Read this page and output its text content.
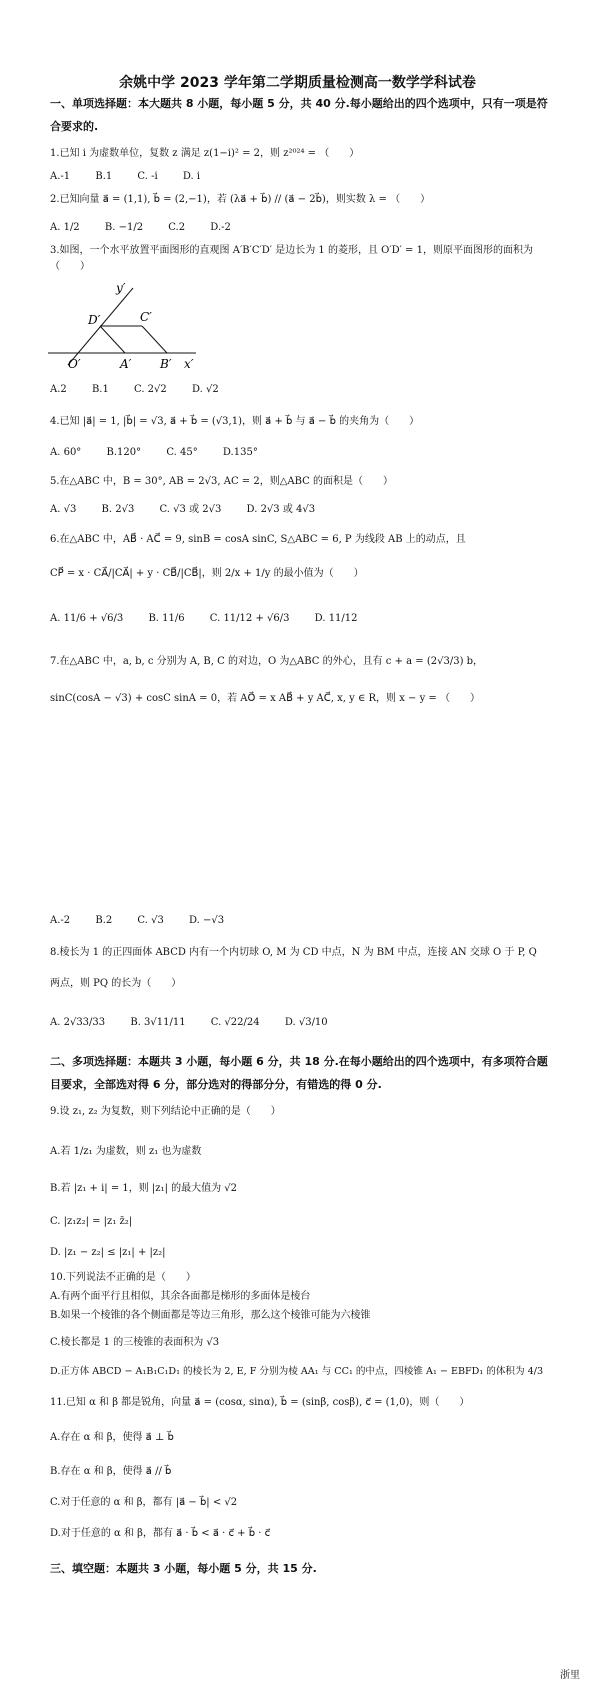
余姚中学 2023 学年第二学期质量检测高一数学学科试卷
一、单项选择题：本大题共 8 小题，每小题 5 分，共 40 分.每小题给出的四个选项中，只有一项是符合要求的.
1.已知 i 为虚数单位，复数 z 满足 z(1−i)² = 2，则 z²⁰²⁴ = （　　）
A.-1	B.1	C. -i	D. i
2.已知向量 a⃗ = (1,1), b⃗ = (2,−1)，若 (λa⃗ + b⃗) // (a⃗ − 2b⃗)，则实数 λ = （　　）
A. 1/2	B. −1/2	C.2	D.-2
3.如图，一个水平放置平面图形的直观图 A′B′C′D′ 是边长为 1 的菱形，且 O′D′ = 1，则原平面图形的面积为
（　　）
y′
D′	C′
O′	A′ B′ x′
A.2	B.1	C. 2√2	D. √2
4.已知 |a⃗| = 1, |b⃗| = √3, a⃗ + b⃗ = (√3,1)，则 a⃗ + b⃗ 与 a⃗ − b⃗ 的夹角为（　　）
A. 60°	B.120°	C. 45°	D.135°
5.在△ABC 中，B = 30°, AB = 2√3, AC = 2，则△ABC 的面积是（　　）
A. √3	B. 2√3	C. √3 或 2√3	D. 2√3 或 4√3
6.在△ABC 中，AB⃗ · AC⃗ = 9, sinB = cosA sinC, S△ABC = 6, P 为线段 AB 上的动点，且
CP⃗ = x · CA⃗/|CA⃗| + y · CB⃗/|CB⃗|，则 2/x + 1/y 的最小值为（　　）
A. 11/6 + √6/3	B. 11/6	C. 11/12 + √6/3	D. 11/12
7.在△ABC 中，a, b, c 分别为 A, B, C 的对边，O 为△ABC 的外心，且有 c + a = (2√3/3) b，
sinC(cosA − √3) + cosC sinA = 0，若 AO⃗ = x AB⃗ + y AC⃗, x, y ∈ R，则 x − y = （　　）
A.-2	B.2	C. √3	D. −√3
8.棱长为 1 的正四面体 ABCD 内有一个内切球 O, M 为 CD 中点，N 为 BM 中点，连接 AN 交球 O 于 P, Q
两点，则 PQ 的长为（　　）
A. 2√33/33	B. 3√11/11	C. √22/24	D. √3/10
二、多项选择题：本题共 3 小题，每小题 6 分，共 18 分.在每小题给出的四个选项中，有多项符合题目要求，全部选对得 6 分，部分选对的得部分分，有错选的得 0 分.
9.设 z₁, z₂ 为复数，则下列结论中正确的是（　　）
A.若 1/z₁ 为虚数，则 z₁ 也为虚数
B.若 |z₁ + i| = 1，则 |z₁| 的最大值为 √2
C. |z₁z₂| = |z₁ z̄₂|
D. |z₁ − z₂| ≤ |z₁| + |z₂|
10.下列说法不正确的是（　　）
A.有两个面平行且相似，其余各面都是梯形的多面体是棱台
B.如果一个棱锥的各个侧面都是等边三角形，那么这个棱锥可能为六棱锥
C.棱长都是 1 的三棱锥的表面积为 √3
D.正方体 ABCD − A₁B₁C₁D₁ 的棱长为 2, E, F 分别为棱 AA₁ 与 CC₁ 的中点，四棱锥 A₁ − EBFD₁ 的体积为 4/3
11.已知 α 和 β 都是锐角，向量 a⃗ = (cosα, sinα), b⃗ = (sinβ, cosβ), c⃗ = (1,0)，则（　　）
A.存在 α 和 β，使得 a⃗ ⊥ b⃗
B.存在 α 和 β，使得 a⃗ // b⃗
C.对于任意的 α 和 β，都有 |a⃗ − b⃗| < √2
D.对于任意的 α 和 β，都有 a⃗ · b⃗ < a⃗ · c⃗ + b⃗ · c⃗
三、填空题：本题共 3 小题，每小题 5 分，共 15 分.
浙里
